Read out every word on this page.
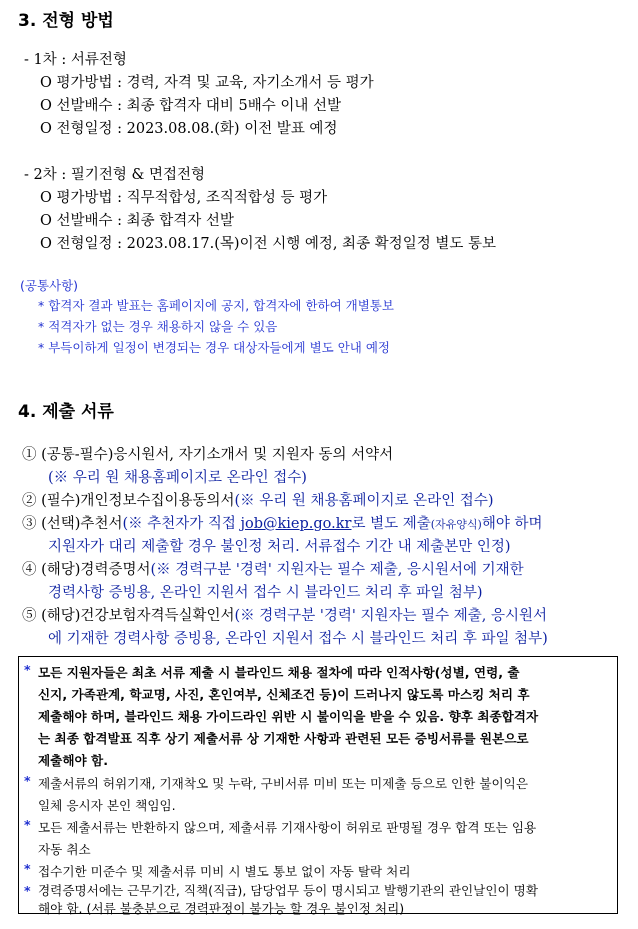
3. 전형 방법
- 1차 : 서류전형
O 평가방법 : 경력, 자격 및 교육, 자기소개서 등 평가
O 선발배수 : 최종 합격자 대비 5배수 이내 선발
O 전형일정 : 2023.08.08.(화) 이전 발표 예정
- 2차 : 필기전형 & 면접전형
O 평가방법 : 직무적합성, 조직적합성 등 평가
O 선발배수 : 최종 합격자 선발
O 전형일정 : 2023.08.17.(목)이전 시행 예정, 최종 확정일정 별도 통보
(공통사항)
* 합격자 결과 발표는 홈페이지에 공지, 합격자에 한하여 개별통보
* 적격자가 없는 경우 채용하지 않을 수 있음
* 부득이하게 일정이 변경되는 경우 대상자들에게 별도 안내 예정
4. 제출 서류
① (공통-필수)응시원서, 자기소개서 및 지원자 동의 서약서
(※ 우리 원 채용홈페이지로 온라인 접수)
② (필수)개인정보수집이용동의서(※ 우리 원 채용홈페이지로 온라인 접수)
③ (선택)추천서(※ 추천자가 직접 job@kiep.go.kr로 별도 제출(자유양식)해야 하며
지원자가 대리 제출할 경우 불인정 처리. 서류접수 기간 내 제출본만 인정)
④ (해당)경력증명서(※ 경력구분 '경력' 지원자는 필수 제출, 응시원서에 기재한
경력사항 증빙용, 온라인 지원서 접수 시 블라인드 처리 후 파일 첨부)
⑤ (해당)건강보험자격득실확인서(※ 경력구분 '경력' 지원자는 필수 제출, 응시원서
에 기재한 경력사항 증빙용, 온라인 지원서 접수 시 블라인드 처리 후 파일 첨부)
* 모든 지원자들은 최초 서류 제출 시 블라인드 채용 절차에 따라 인적사항(성별, 연령, 출
신지, 가족관계, 학교명, 사진, 혼인여부, 신체조건 등)이 드러나지 않도록 마스킹 처리 후
제출해야 하며, 블라인드 채용 가이드라인 위반 시 불이익을 받을 수 있음. 향후 최종합격자
는 최종 합격발표 직후 상기 제출서류 상 기재한 사항과 관련된 모든 증빙서류를 원본으로
제출해야 함.
* 제출서류의 허위기재, 기재착오 및 누락, 구비서류 미비 또는 미제출 등으로 인한 불이익은
일체 응시자 본인 책임임.
* 모든 제출서류는 반환하지 않으며, 제출서류 기재사항이 허위로 판명될 경우 합격 또는 임용
자동 취소
* 접수기한 미준수 및 제출서류 미비 시 별도 통보 없이 자동 탈락 처리
* 경력증명서에는 근무기간, 직책(직급), 담당업무 등이 명시되고 발행기관의 관인날인이 명확
해야 함. (서류 불충분으로 경력판정이 불가능 할 경우 불인정 처리)
